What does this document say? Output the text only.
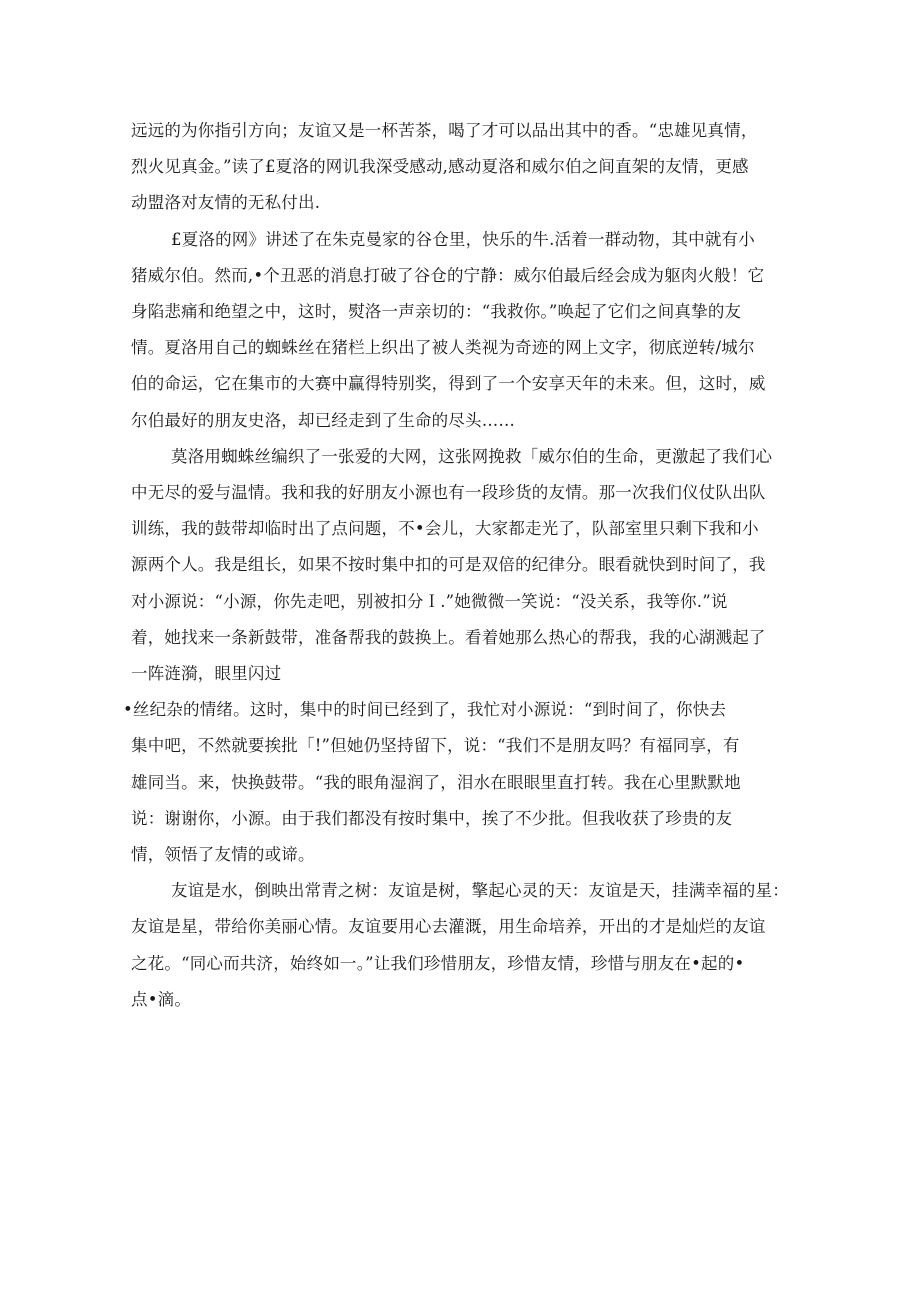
远远的为你指引方向；友谊又是一杯苦茶，喝了才可以品出其中的香。“忠雄见真情，
烈火见真金。”读了£夏洛的网讥我深受感动,感动夏洛和威尔伯之间直架的友情，更感
动盟洛对友情的无私付出.

£夏洛的网》讲述了在朱克曼家的谷仓里，快乐的牛.活着一群动物，其中就有小
猪威尔伯。然而,•个丑恶的消息打破了谷仓的宁静：威尔伯最后经会成为躯肉火般！它
身陷悲痛和绝望之中，这时，熨洛一声亲切的：“我救你。”唤起了它们之间真挚的友
情。夏洛用自己的蜘蛛丝在猪栏上织出了被人类视为奇迹的网上文字，彻底逆转/城尔
伯的命运，它在集市的大赛中赢得特别奖，得到了一个安享天年的未来。但，这时，威
尔伯最好的朋友史洛，却已经走到了生命的尽头……

莫洛用蜘蛛丝编织了一张爱的大网，这张网挽救「威尔伯的生命，更激起了我们心
中无尽的爱与温情。我和我的好朋友小源也有一段珍货的友情。那一次我们仪仗队出队
训练，我的鼓带却临时出了点问题，不•会儿，大家都走光了，队部室里只剩下我和小
源两个人。我是组长，如果不按时集中扣的可是双倍的纪律分。眼看就快到时间了，我
对小源说：“小源，你先走吧，别被扣分Ｉ.”她微微一笑说：“没关系，我等你.”说
着，她找来一条新鼓带，准备帮我的鼓换上。看着她那么热心的帮我，我的心湖溅起了
一阵涟漪，眼里闪过

•丝纪杂的情绪。这时，集中的时间已经到了，我忙对小源说：“到时间了，你快去
集中吧，不然就要挨批「!”但她仍坚持留下，说：“我们不是朋友吗？有福同享，有
雄同当。来，快换鼓带。“我的眼角湿润了，泪水在眼眼里直打转。我在心里默默地
说：谢谢你，小源。由于我们都没有按时集中，挨了不少批。但我收获了珍贵的友
情，领悟了友情的或谛。

友谊是水，倒映出常青之树：友谊是树，擎起心灵的天：友谊是天，挂满幸福的星：
友谊是星，带给你美丽心情。友谊要用心去灌溉，用生命培养，开出的才是灿烂的友谊
之花。“同心而共济，始终如一。”让我们珍惜朋友，珍惜友情，珍惜与朋友在•起的•
点•滴。
